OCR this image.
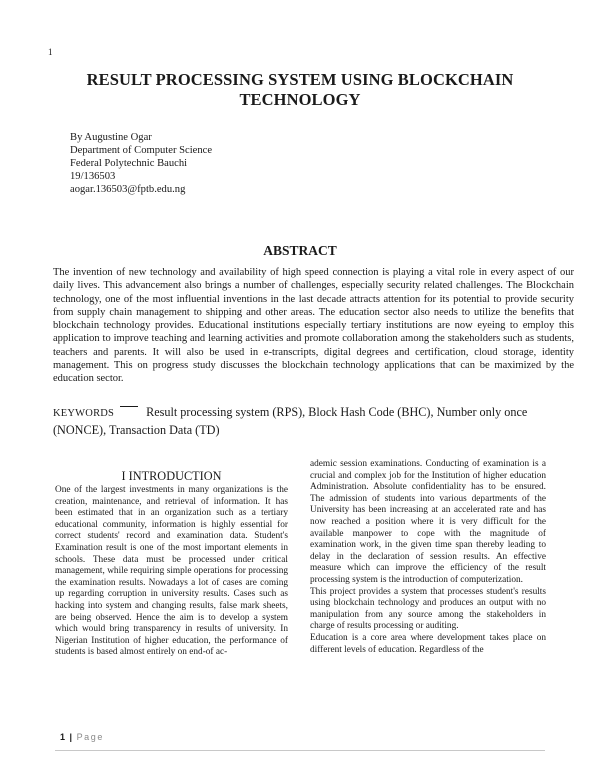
1
RESULT PROCESSING SYSTEM USING BLOCKCHAIN TECHNOLOGY
By Augustine Ogar
Department of Computer Science
Federal Polytechnic Bauchi
19/136503
aogar.136503@fptb.edu.ng
ABSTRACT

The invention of new technology and availability of high speed connection is playing a vital role in every aspect of our daily lives. This advancement also brings a number of challenges, especially security related challenges. The Blockchain technology, one of the most influential inventions in the last decade attracts attention for its potential to provide security from supply chain management to shipping and other areas. The education sector also needs to utilize the benefits that blockchain technology provides. Educational institutions especially tertiary institutions are now eyeing to employ this application to improve teaching and learning activities and promote collaboration among the stakeholders such as students, teachers and parents. It will also be used in e-transcripts, digital degrees and certification, cloud storage, identity management. This on progress study discusses the blockchain technology applications that can be maximized by the education sector.

KEYWORDS	Result processing system (RPS), Block Hash Code (BHC), Number only once (NONCE), Transaction Data (TD)
I INTRODUCTION

One of the largest investments in many organizations is the creation, maintenance, and retrieval of information. It has been estimated that in an organization such as a tertiary educational community, information is highly essential for correct students' record and examination data. Student's Examination result is one of the most important elements in schools. These data must be processed under critical management, while requiring simple operations for processing the examination results. Nowadays a lot of cases are coming up regarding corruption in university results. Cases such as hacking into system and changing results, false mark sheets, are being observed. Hence the aim is to develop a system which would bring transparency in results of university. In Nigerian Institution of higher education, the performance of students is based almost entirely on end-of ac-

ademic session examinations. Conducting of examination is a crucial and complex job for the Institution of higher education Administration. Absolute confidentiality has to be ensured. The admission of students into various departments of the University has been increasing at an accelerated rate and has now reached a position where it is very difficult for the available manpower to cope with the magnitude of examination work, in the given time span thereby leading to delay in the declaration of session results. An effective measure which can improve the efficiency of the result processing system is the introduction of computerization.

This project provides a system that processes student's results using blockchain technology and produces an output with no manipulation from any source among the stakeholders in charge of results processing or auditing.

Education is a core area where development takes place on different levels of education. Regardless of the

1 | Page
